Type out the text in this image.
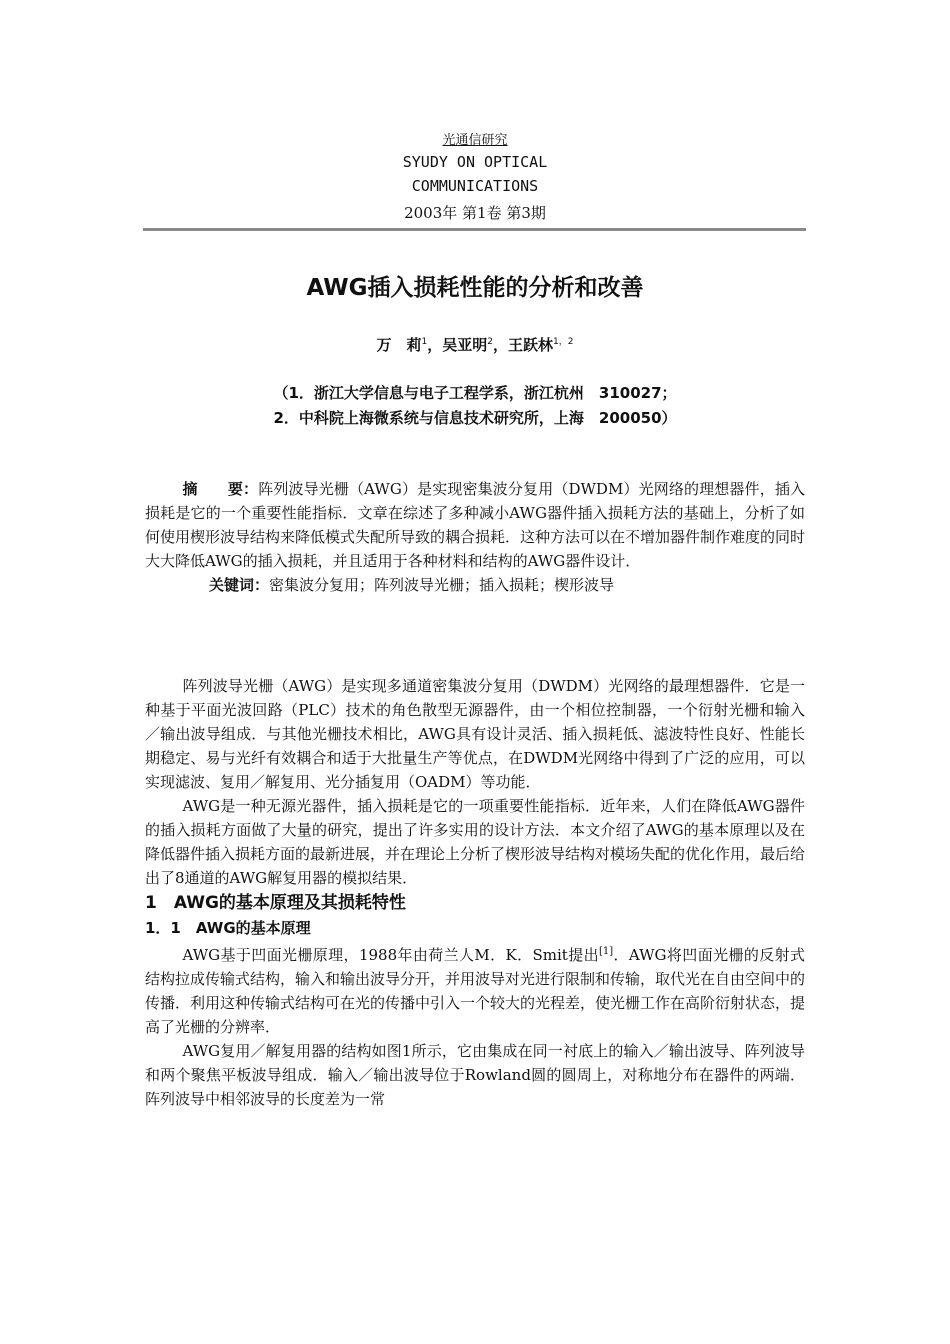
光通信研究
SYUDY ON OPTICAL
COMMUNICATIONS
2003年 第1卷 第3期
AWG插入损耗性能的分析和改善
万　莉$^1$，吴亚明$^2$，王跃林$^{1,2}$
（1．浙江大学信息与电子工程学系，浙江杭州　310027；
2．中科院上海微系统与信息技术研究所，上海　200050）

摘　　要：阵列波导光栅（AWG）是实现密集波分复用（DWDM）光网络的理想器件，插入损耗是它的一个重要性能指标．文章在综述了多种减小AWG器件插入损耗方法的基础上，分析了如何使用楔形波导结构来降低模式失配所导致的耦合损耗．这种方法可以在不增加器件制作难度的同时大大降低AWG的插入损耗，并且适用于各种材料和结构的AWG器件设计．

关键词：密集波分复用；阵列波导光栅；插入损耗；楔形波导

阵列波导光栅（AWG）是实现多通道密集波分复用（DWDM）光网络的最理想器件．它是一种基于平面光波回路（PLC）技术的角色散型无源器件，由一个相位控制器，一个衍射光栅和输入／输出波导组成．与其他光栅技术相比，AWG具有设计灵活、插入损耗低、滤波特性良好、性能长期稳定、易与光纤有效耦合和适于大批量生产等优点，在DWDM光网络中得到了广泛的应用，可以实现滤波、复用／解复用、光分插复用（OADM）等功能．

AWG是一种无源光器件，插入损耗是它的一项重要性能指标．近年来，人们在降低AWG器件的插入损耗方面做了大量的研究，提出了许多实用的设计方法．本文介绍了AWG的基本原理以及在降低器件插入损耗方面的最新进展，并在理论上分析了楔形波导结构对模场失配的优化作用，最后给出了8通道的AWG解复用器的模拟结果．

1　AWG的基本原理及其损耗特性

1．1　AWG的基本原理

AWG基于凹面光栅原理，1988年由荷兰人M．K．Smit提出[1]．AWG将凹面光栅的反射式结构拉成传输式结构，输入和输出波导分开，并用波导对光进行限制和传输，取代光在自由空间中的传播．利用这种传输式结构可在光的传播中引入一个较大的光程差，使光栅工作在高阶衍射状态，提高了光栅的分辨率．

AWG复用／解复用器的结构如图1所示，它由集成在同一衬底上的输入／输出波导、阵列波导和两个聚焦平板波导组成．输入／输出波导位于Rowland圆的圆周上，对称地分布在器件的两端．阵列波导中相邻波导的长度差为一常
